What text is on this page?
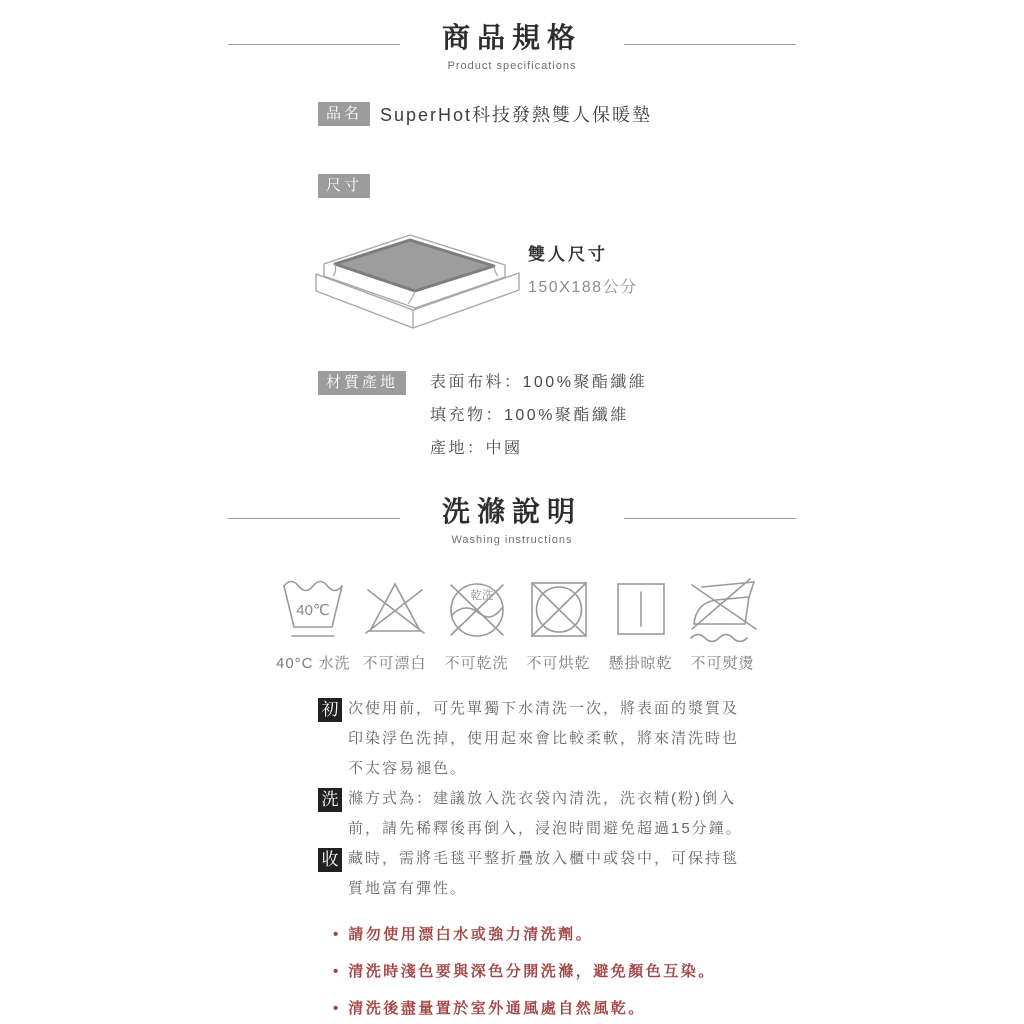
商品規格
Product specifications
品名	SuperHot科技發熱雙人保暖墊
尺寸
雙人尺寸
150X188公分
材質產地	表面布料：100%聚酯纖維
填充物：100%聚酯纖維
產地：中國
洗滌說明
Washing instructions
40℃
40°C 水洗 不可漂白
乾洗
不可乾洗	不可烘乾	懸掛晾乾	不可熨燙
初 次使用前，可先單獨下水清洗一次，將表面的漿質及印染浮色洗掉，使用起來會比較柔軟，將來清洗時也不太容易褪色。
洗 滌方式為：建議放入洗衣袋內清洗，洗衣精(粉)倒入前，請先稀釋後再倒入，浸泡時間避免超過15分鐘。
收 藏時，需將毛毯平整折疊放入櫃中或袋中，可保持毯質地富有彈性。
• 請勿使用漂白水或強力清洗劑。
• 清洗時淺色要與深色分開洗滌，避免顏色互染。
• 清洗後盡量置於室外通風處自然風乾。
